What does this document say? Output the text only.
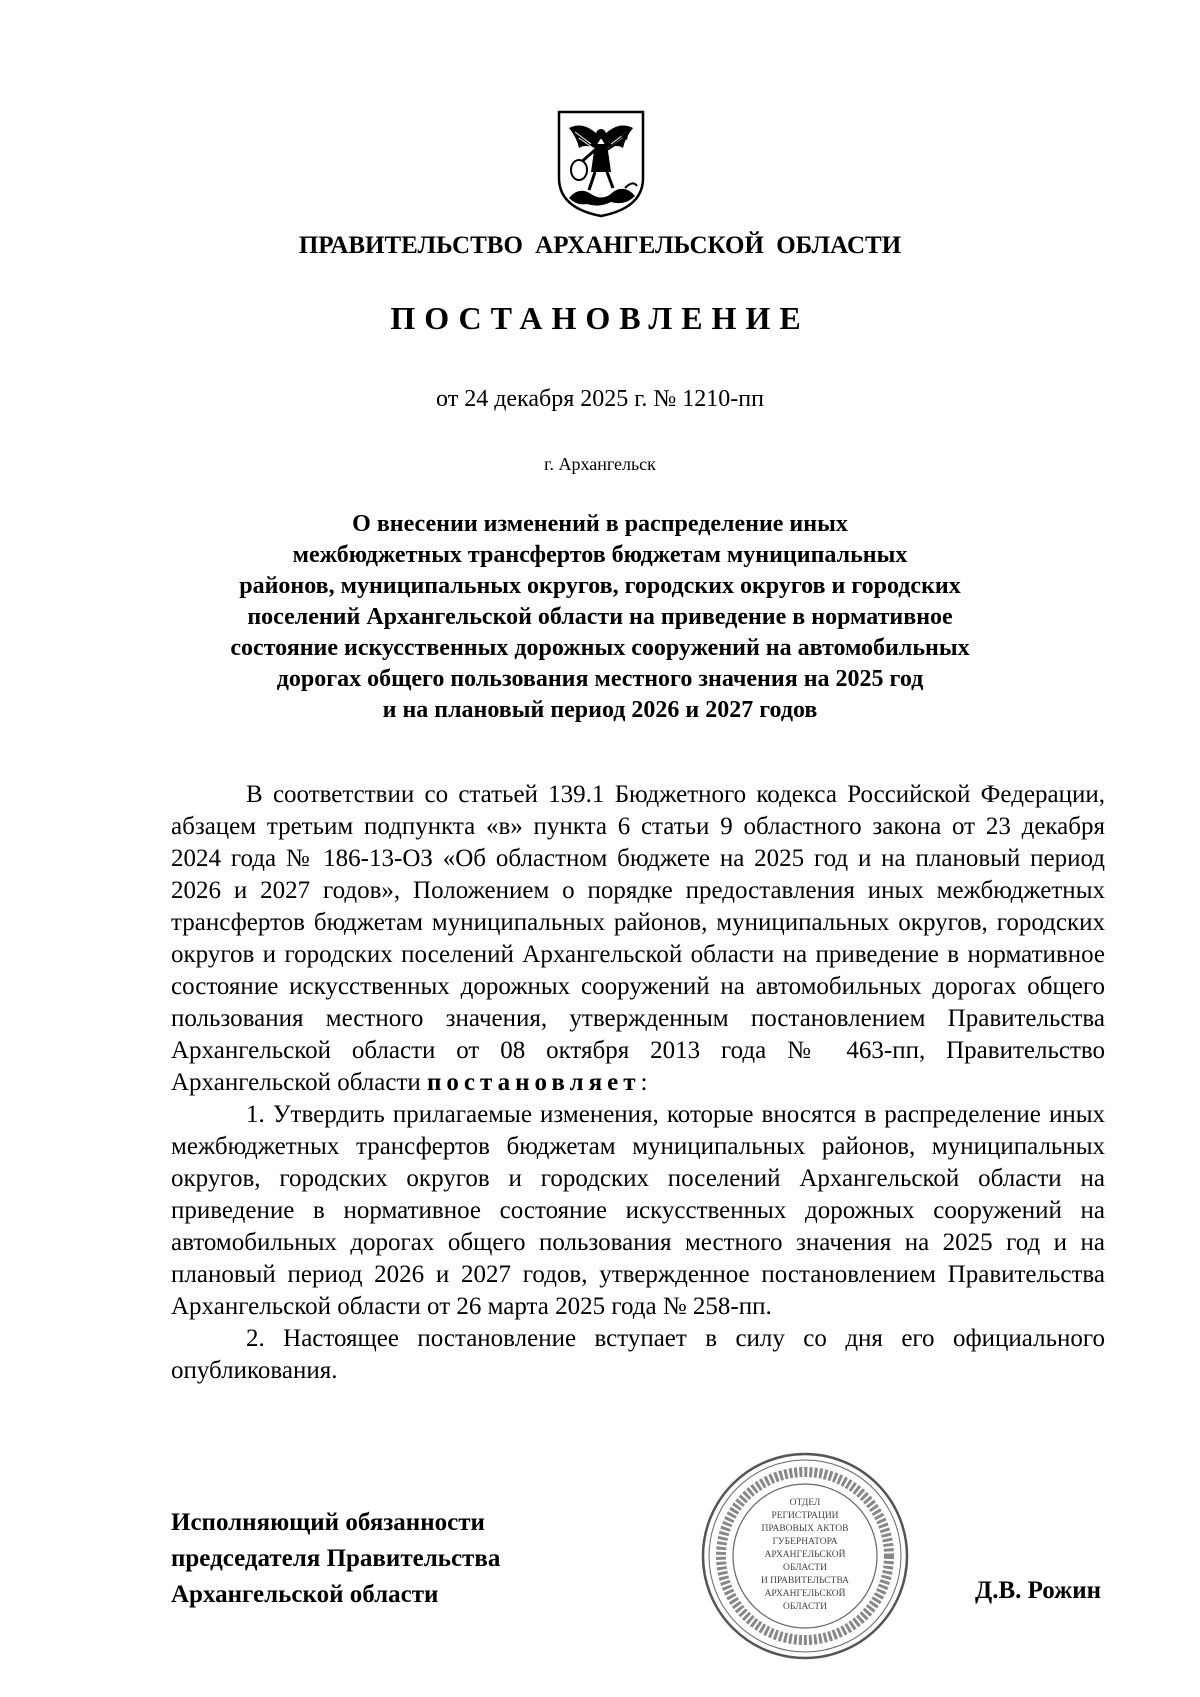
ПРАВИТЕЛЬСТВО АРХАНГЕЛЬСКОЙ ОБЛАСТИ
ПОСТАНОВЛЕНИЕ
от 24 декабря 2025 г. № 1210-пп
г. Архангельск
О внесении изменений в распределение иных
межбюджетных трансфертов бюджетам муниципальных
районов, муниципальных округов, городских округов и городских
поселений Архангельской области на приведение в нормативное
состояние искусственных дорожных сооружений на автомобильных
дорогах общего пользования местного значения на 2025 год
и на плановый период 2026 и 2027 годов

В соответствии со статьей 139.1 Бюджетного кодекса Российской Федерации, абзацем третьим подпункта «в» пункта 6 статьи 9 областного закона от 23 декабря 2024 года № 186-13-ОЗ «Об областном бюджете на 2025 год и на плановый период 2026 и 2027 годов», Положением о порядке предоставления иных межбюджетных трансфертов бюджетам муниципальных районов, муниципальных округов, городских округов и городских поселений Архангельской области на приведение в нормативное состояние искусственных дорожных сооружений на автомобильных дорогах общего пользования местного значения, утвержденным постановлением Правительства Архангельской области от 08 октября 2013 года № 463-пп, Правительство Архангельской области постановляет:

1. Утвердить прилагаемые изменения, которые вносятся в распределение иных межбюджетных трансфертов бюджетам муниципальных районов, муниципальных округов, городских округов и городских поселений Архангельской области на приведение в нормативное состояние искусственных дорожных сооружений на автомобильных дорогах общего пользования местного значения на 2025 год и на плановый период 2026 и 2027 годов, утвержденное постановлением Правительства Архангельской области от 26 марта 2025 года № 258-пп.

2. Настоящее постановление вступает в силу со дня его официального опубликования.

Исполняющий обязанности
председателя Правительства
Архангельской области
ОТДЕЛ
РЕГИСТРАЦИИ
ПРАВОВЫХ АКТОВ
ГУБЕРНАТОРА
АРХАНГЕЛЬСКОЙ
ОБЛАСТИ
И ПРАВИТЕЛЬСТВА
АРХАНГЕЛЬСКОЙ
ОБЛАСТИ
Д.В. Рожин
